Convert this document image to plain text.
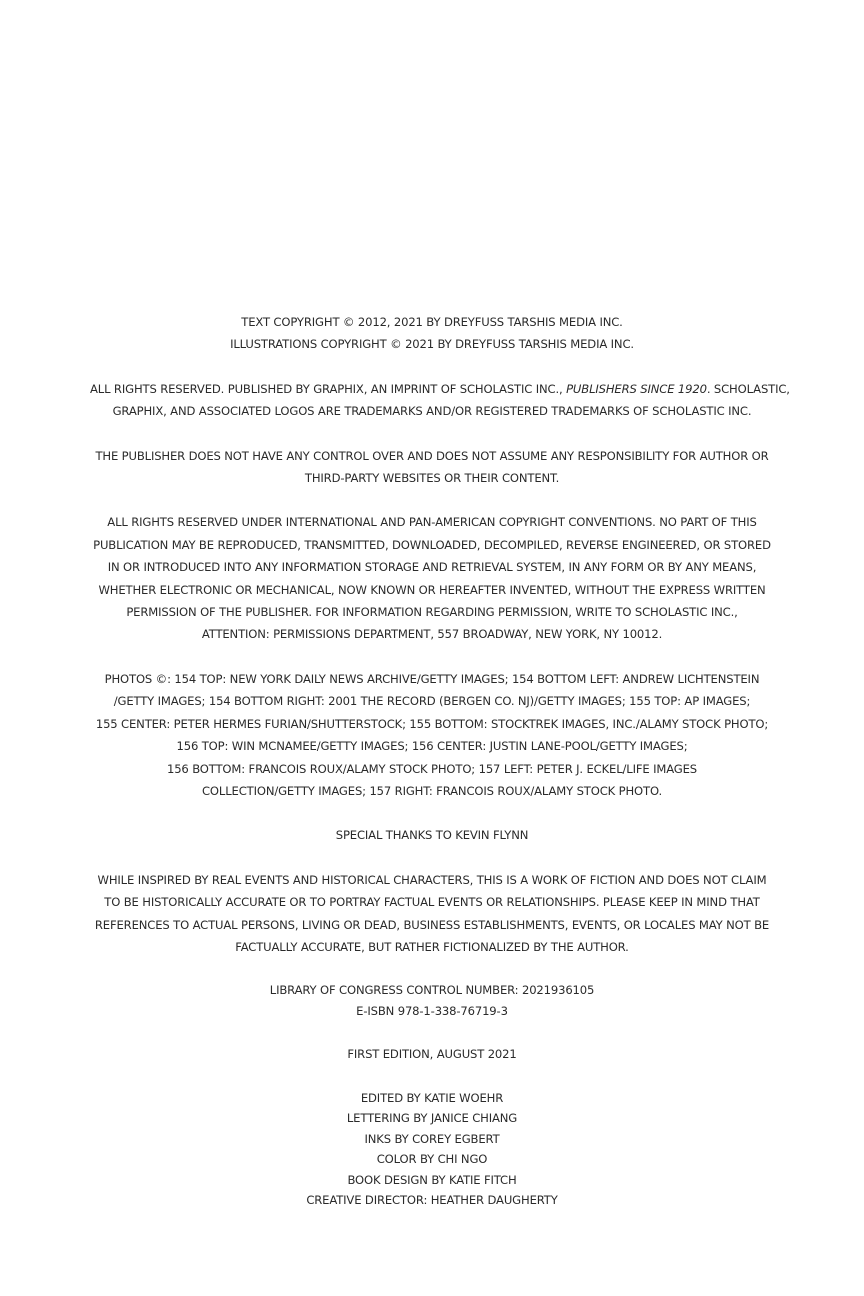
TEXT COPYRIGHT © 2012, 2021 BY DREYFUSS TARSHIS MEDIA INC.
ILLUSTRATIONS COPYRIGHT © 2021 BY DREYFUSS TARSHIS MEDIA INC.
ALL RIGHTS RESERVED. PUBLISHED BY GRAPHIX, AN IMPRINT OF SCHOLASTIC INC., PUBLISHERS SINCE 1920. SCHOLASTIC,
GRAPHIX, AND ASSOCIATED LOGOS ARE TRADEMARKS AND/OR REGISTERED TRADEMARKS OF SCHOLASTIC INC.
THE PUBLISHER DOES NOT HAVE ANY CONTROL OVER AND DOES NOT ASSUME ANY RESPONSIBILITY FOR AUTHOR OR
THIRD-PARTY WEBSITES OR THEIR CONTENT.
ALL RIGHTS RESERVED UNDER INTERNATIONAL AND PAN-AMERICAN COPYRIGHT CONVENTIONS. NO PART OF THIS
PUBLICATION MAY BE REPRODUCED, TRANSMITTED, DOWNLOADED, DECOMPILED, REVERSE ENGINEERED, OR STORED
IN OR INTRODUCED INTO ANY INFORMATION STORAGE AND RETRIEVAL SYSTEM, IN ANY FORM OR BY ANY MEANS,
WHETHER ELECTRONIC OR MECHANICAL, NOW KNOWN OR HEREAFTER INVENTED, WITHOUT THE EXPRESS WRITTEN
PERMISSION OF THE PUBLISHER. FOR INFORMATION REGARDING PERMISSION, WRITE TO SCHOLASTIC INC.,
ATTENTION: PERMISSIONS DEPARTMENT, 557 BROADWAY, NEW YORK, NY 10012.
PHOTOS ©: 154 TOP: NEW YORK DAILY NEWS ARCHIVE/GETTY IMAGES; 154 BOTTOM LEFT: ANDREW LICHTENSTEIN
/GETTY IMAGES; 154 BOTTOM RIGHT: 2001 THE RECORD (BERGEN CO. NJ)/GETTY IMAGES; 155 TOP: AP IMAGES;
155 CENTER: PETER HERMES FURIAN/SHUTTERSTOCK; 155 BOTTOM: STOCKTREK IMAGES, INC./ALAMY STOCK PHOTO;
156 TOP: WIN MCNAMEE/GETTY IMAGES; 156 CENTER: JUSTIN LANE-POOL/GETTY IMAGES;
156 BOTTOM: FRANCOIS ROUX/ALAMY STOCK PHOTO; 157 LEFT: PETER J. ECKEL/LIFE IMAGES
COLLECTION/GETTY IMAGES; 157 RIGHT: FRANCOIS ROUX/ALAMY STOCK PHOTO.
SPECIAL THANKS TO KEVIN FLYNN
WHILE INSPIRED BY REAL EVENTS AND HISTORICAL CHARACTERS, THIS IS A WORK OF FICTION AND DOES NOT CLAIM
TO BE HISTORICALLY ACCURATE OR TO PORTRAY FACTUAL EVENTS OR RELATIONSHIPS. PLEASE KEEP IN MIND THAT
REFERENCES TO ACTUAL PERSONS, LIVING OR DEAD, BUSINESS ESTABLISHMENTS, EVENTS, OR LOCALES MAY NOT BE
FACTUALLY ACCURATE, BUT RATHER FICTIONALIZED BY THE AUTHOR.
LIBRARY OF CONGRESS CONTROL NUMBER: 2021936105
E-ISBN 978-1-338-76719-3
FIRST EDITION, AUGUST 2021
EDITED BY KATIE WOEHR
LETTERING BY JANICE CHIANG
INKS BY COREY EGBERT
COLOR BY CHI NGO
BOOK DESIGN BY KATIE FITCH
CREATIVE DIRECTOR: HEATHER DAUGHERTY
